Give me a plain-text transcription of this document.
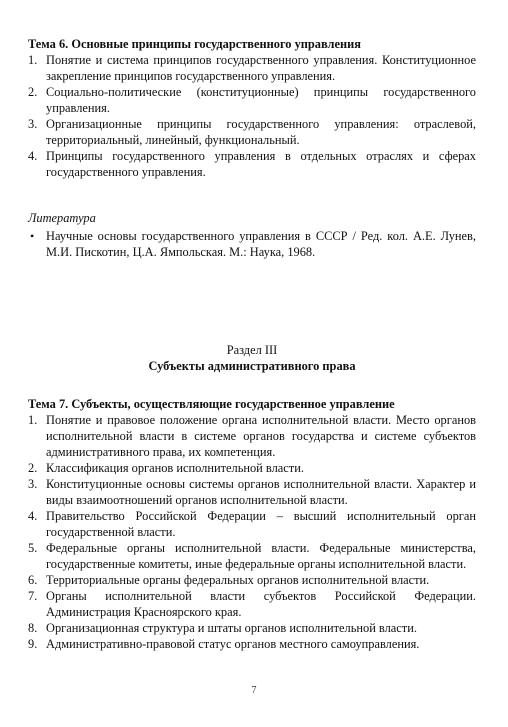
Тема 6. Основные принципы государственного управления

1. Понятие и система принципов государственного управления. Конституционное закрепление принципов государственного управления.
2. Социально-политические (конституционные) принципы государственного управления.
3. Организационные принципы государственного управления: отраслевой, территориальный, линейный, функциональный.
4. Принципы государственного управления в отдельных отраслях и сферах государственного управления.
Литература
• Научные основы государственного управления в СССР / Ред. кол. А.Е. Лунев, М.И. Пискотин, Ц.А. Ямпольская. М.: Наука, 1968.
Раздел III
Субъекты административного права

Тема 7. Субъекты, осуществляющие государственное управление

1. Понятие и правовое положение органа исполнительной власти. Место органов исполнительной власти в системе органов государства и системе субъектов административного права, их компетенция.
2. Классификация органов исполнительной власти.
3. Конституционные основы системы органов исполнительной власти. Характер и виды взаимоотношений органов исполнительной власти.
4. Правительство Российской Федерации – высший исполнительный орган государственной власти.
5. Федеральные органы исполнительной власти. Федеральные министерства, государственные комитеты, иные федеральные органы исполнительной власти.
6. Территориальные органы федеральных органов исполнительной власти.
7. Органы исполнительной власти субъектов Российской Федерации. Администрация Красноярского края.
8. Организационная структура и штаты органов исполнительной власти.
9. Административно-правовой статус органов местного самоуправления.
7
